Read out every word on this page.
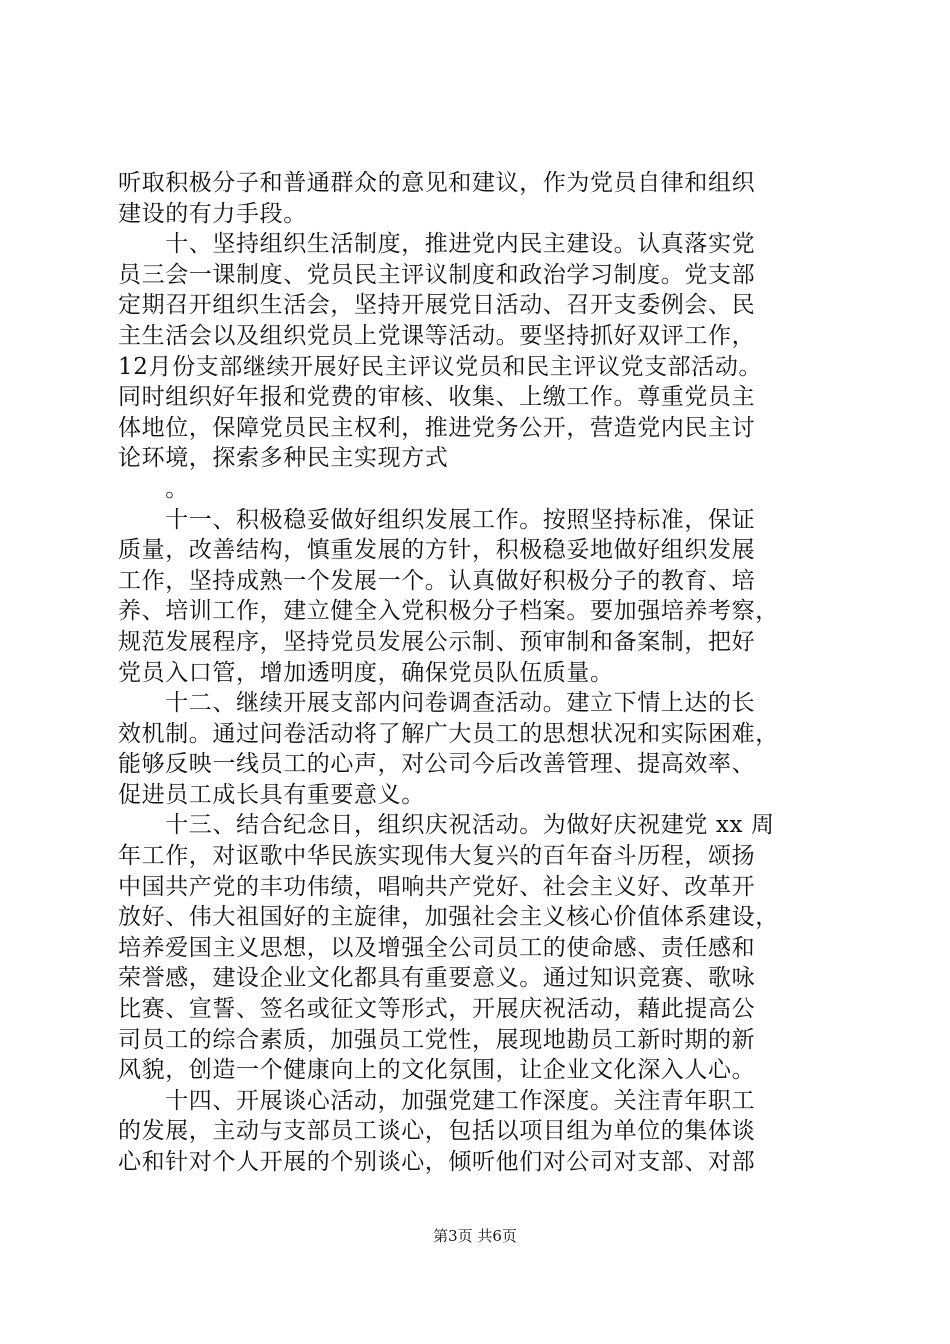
听取积极分子和普通群众的意见和建议，作为党员自律和组织
建设的有力手段。
　　十、坚持组织生活制度，推进党内民主建设。认真落实党
员三会一课制度、党员民主评议制度和政治学习制度。党支部
定期召开组织生活会，坚持开展党日活动、召开支委例会、民
主生活会以及组织党员上党课等活动。要坚持抓好双评工作，
12月份支部继续开展好民主评议党员和民主评议党支部活动。
同时组织好年报和党费的审核、收集、上缴工作。尊重党员主
体地位，保障党员民主权利，推进党务公开，营造党内民主讨
论环境，探索多种民主实现方式
　　。
　　十一、积极稳妥做好组织发展工作。按照坚持标准，保证
质量，改善结构，慎重发展的方针，积极稳妥地做好组织发展
工作，坚持成熟一个发展一个。认真做好积极分子的教育、培
养、培训工作，建立健全入党积极分子档案。要加强培养考察，
规范发展程序，坚持党员发展公示制、预审制和备案制，把好
党员入口管，增加透明度，确保党员队伍质量。
　　十二、继续开展支部内问卷调查活动。建立下情上达的长
效机制。通过问卷活动将了解广大员工的思想状况和实际困难，
能够反映一线员工的心声，对公司今后改善管理、提高效率、
促进员工成长具有重要意义。
　　十三、结合纪念日，组织庆祝活动。为做好庆祝建党 xx 周
年工作，对讴歌中华民族实现伟大复兴的百年奋斗历程，颂扬
中国共产党的丰功伟绩，唱响共产党好、社会主义好、改革开
放好、伟大祖国好的主旋律，加强社会主义核心价值体系建设，
培养爱国主义思想，以及增强全公司员工的使命感、责任感和
荣誉感，建设企业文化都具有重要意义。通过知识竞赛、歌咏
比赛、宣誓、签名或征文等形式，开展庆祝活动，藉此提高公
司员工的综合素质，加强员工党性，展现地勘员工新时期的新
风貌，创造一个健康向上的文化氛围，让企业文化深入人心。
　　十四、开展谈心活动，加强党建工作深度。关注青年职工
的发展，主动与支部员工谈心，包括以项目组为单位的集体谈
心和针对个人开展的个别谈心，倾听他们对公司对支部、对部
第3页 共6页
